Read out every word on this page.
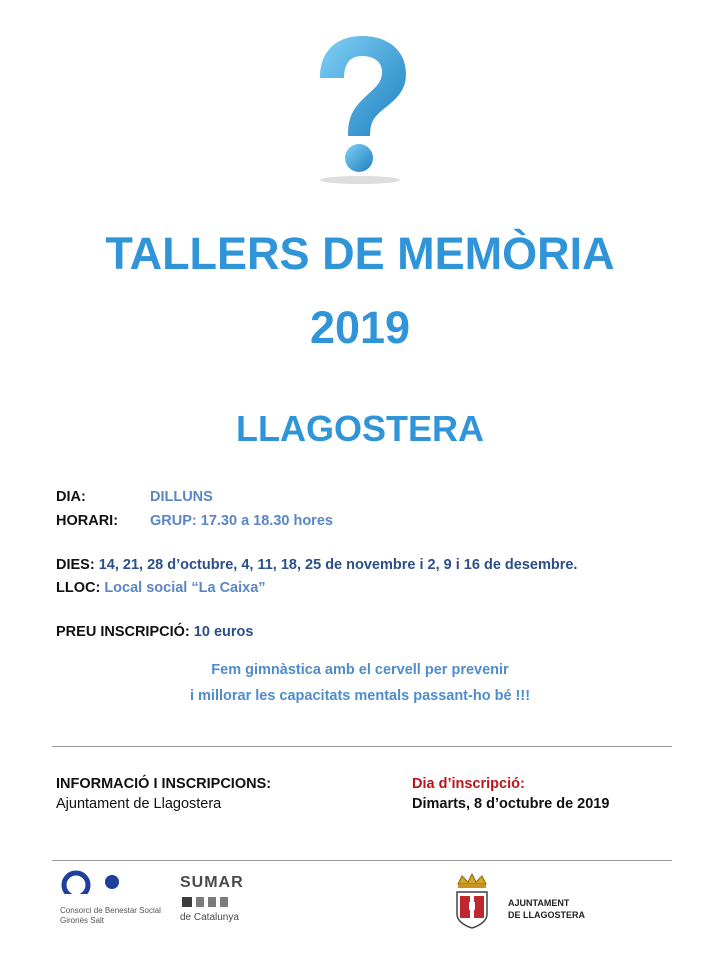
TALLERS DE MEMÒRIA
2019
LLAGOSTERA
DIA:	DILLUNS
HORARI: GRUP: 17.30 a 18.30 hores
DIES: 14, 21, 28 d’octubre, 4, 11, 18, 25 de novembre i 2, 9 i 16 de desembre.
LLOC: Local social “La Caixa”
PREU INSCRIPCIÓ: 10 euros
Fem gimnàstica amb el cervell per prevenir
i millorar les capacitats mentals passant-ho bé !!!
INFORMACIÓ I INSCRIPCIONS:
Ajuntament de Llagostera
Dia d’inscripció:
Dimarts, 8 d’octubre de 2019
Consorci de Benestar Social
Gironès Salt
SUMAR
de Catalunya
AJUNTAMENT
DE LLAGOSTERA
